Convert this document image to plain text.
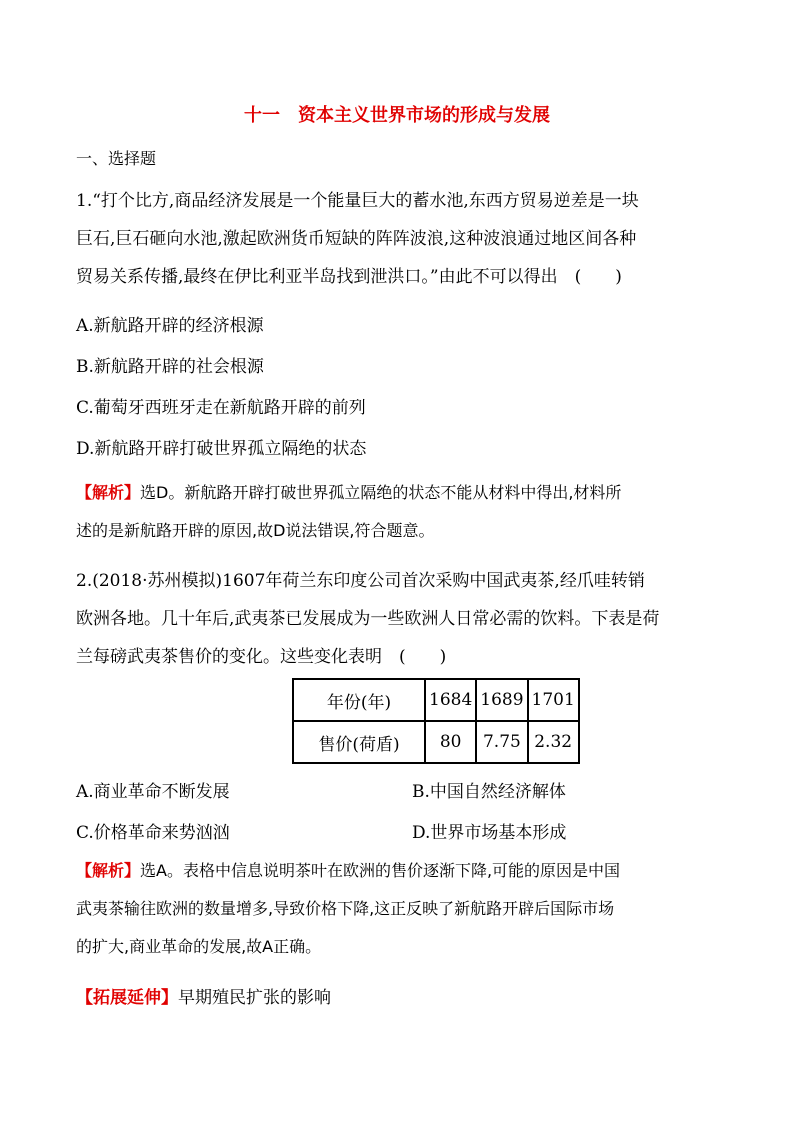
十一　资本主义世界市场的形成与发展
一、选择题
1.“打个比方,商品经济发展是一个能量巨大的蓄水池,东西方贸易逆差是一块
巨石,巨石砸向水池,激起欧洲货币短缺的阵阵波浪,这种波浪通过地区间各种
贸易关系传播,最终在伊比利亚半岛找到泄洪口。”由此不可以得出　(　　)
A.新航路开辟的经济根源
B.新航路开辟的社会根源
C.葡萄牙西班牙走在新航路开辟的前列
D.新航路开辟打破世界孤立隔绝的状态
【解析】选D。新航路开辟打破世界孤立隔绝的状态不能从材料中得出,材料所
述的是新航路开辟的原因,故D说法错误,符合题意。
2.(2018·苏州模拟)1607年荷兰东印度公司首次采购中国武夷茶,经爪哇转销
欧洲各地。几十年后,武夷茶已发展成为一些欧洲人日常必需的饮料。下表是荷
兰每磅武夷茶售价的变化。这些变化表明　(　　)
年份(年)	1684	1689	1701
售价(荷盾)	80	7.75	2.32
A.商业革命不断发展	B.中国自然经济解体
C.价格革命来势汹汹	D.世界市场基本形成
【解析】选A。表格中信息说明茶叶在欧洲的售价逐渐下降,可能的原因是中国
武夷茶输往欧洲的数量增多,导致价格下降,这正反映了新航路开辟后国际市场
的扩大,商业革命的发展,故A正确。
【拓展延伸】早期殖民扩张的影响
